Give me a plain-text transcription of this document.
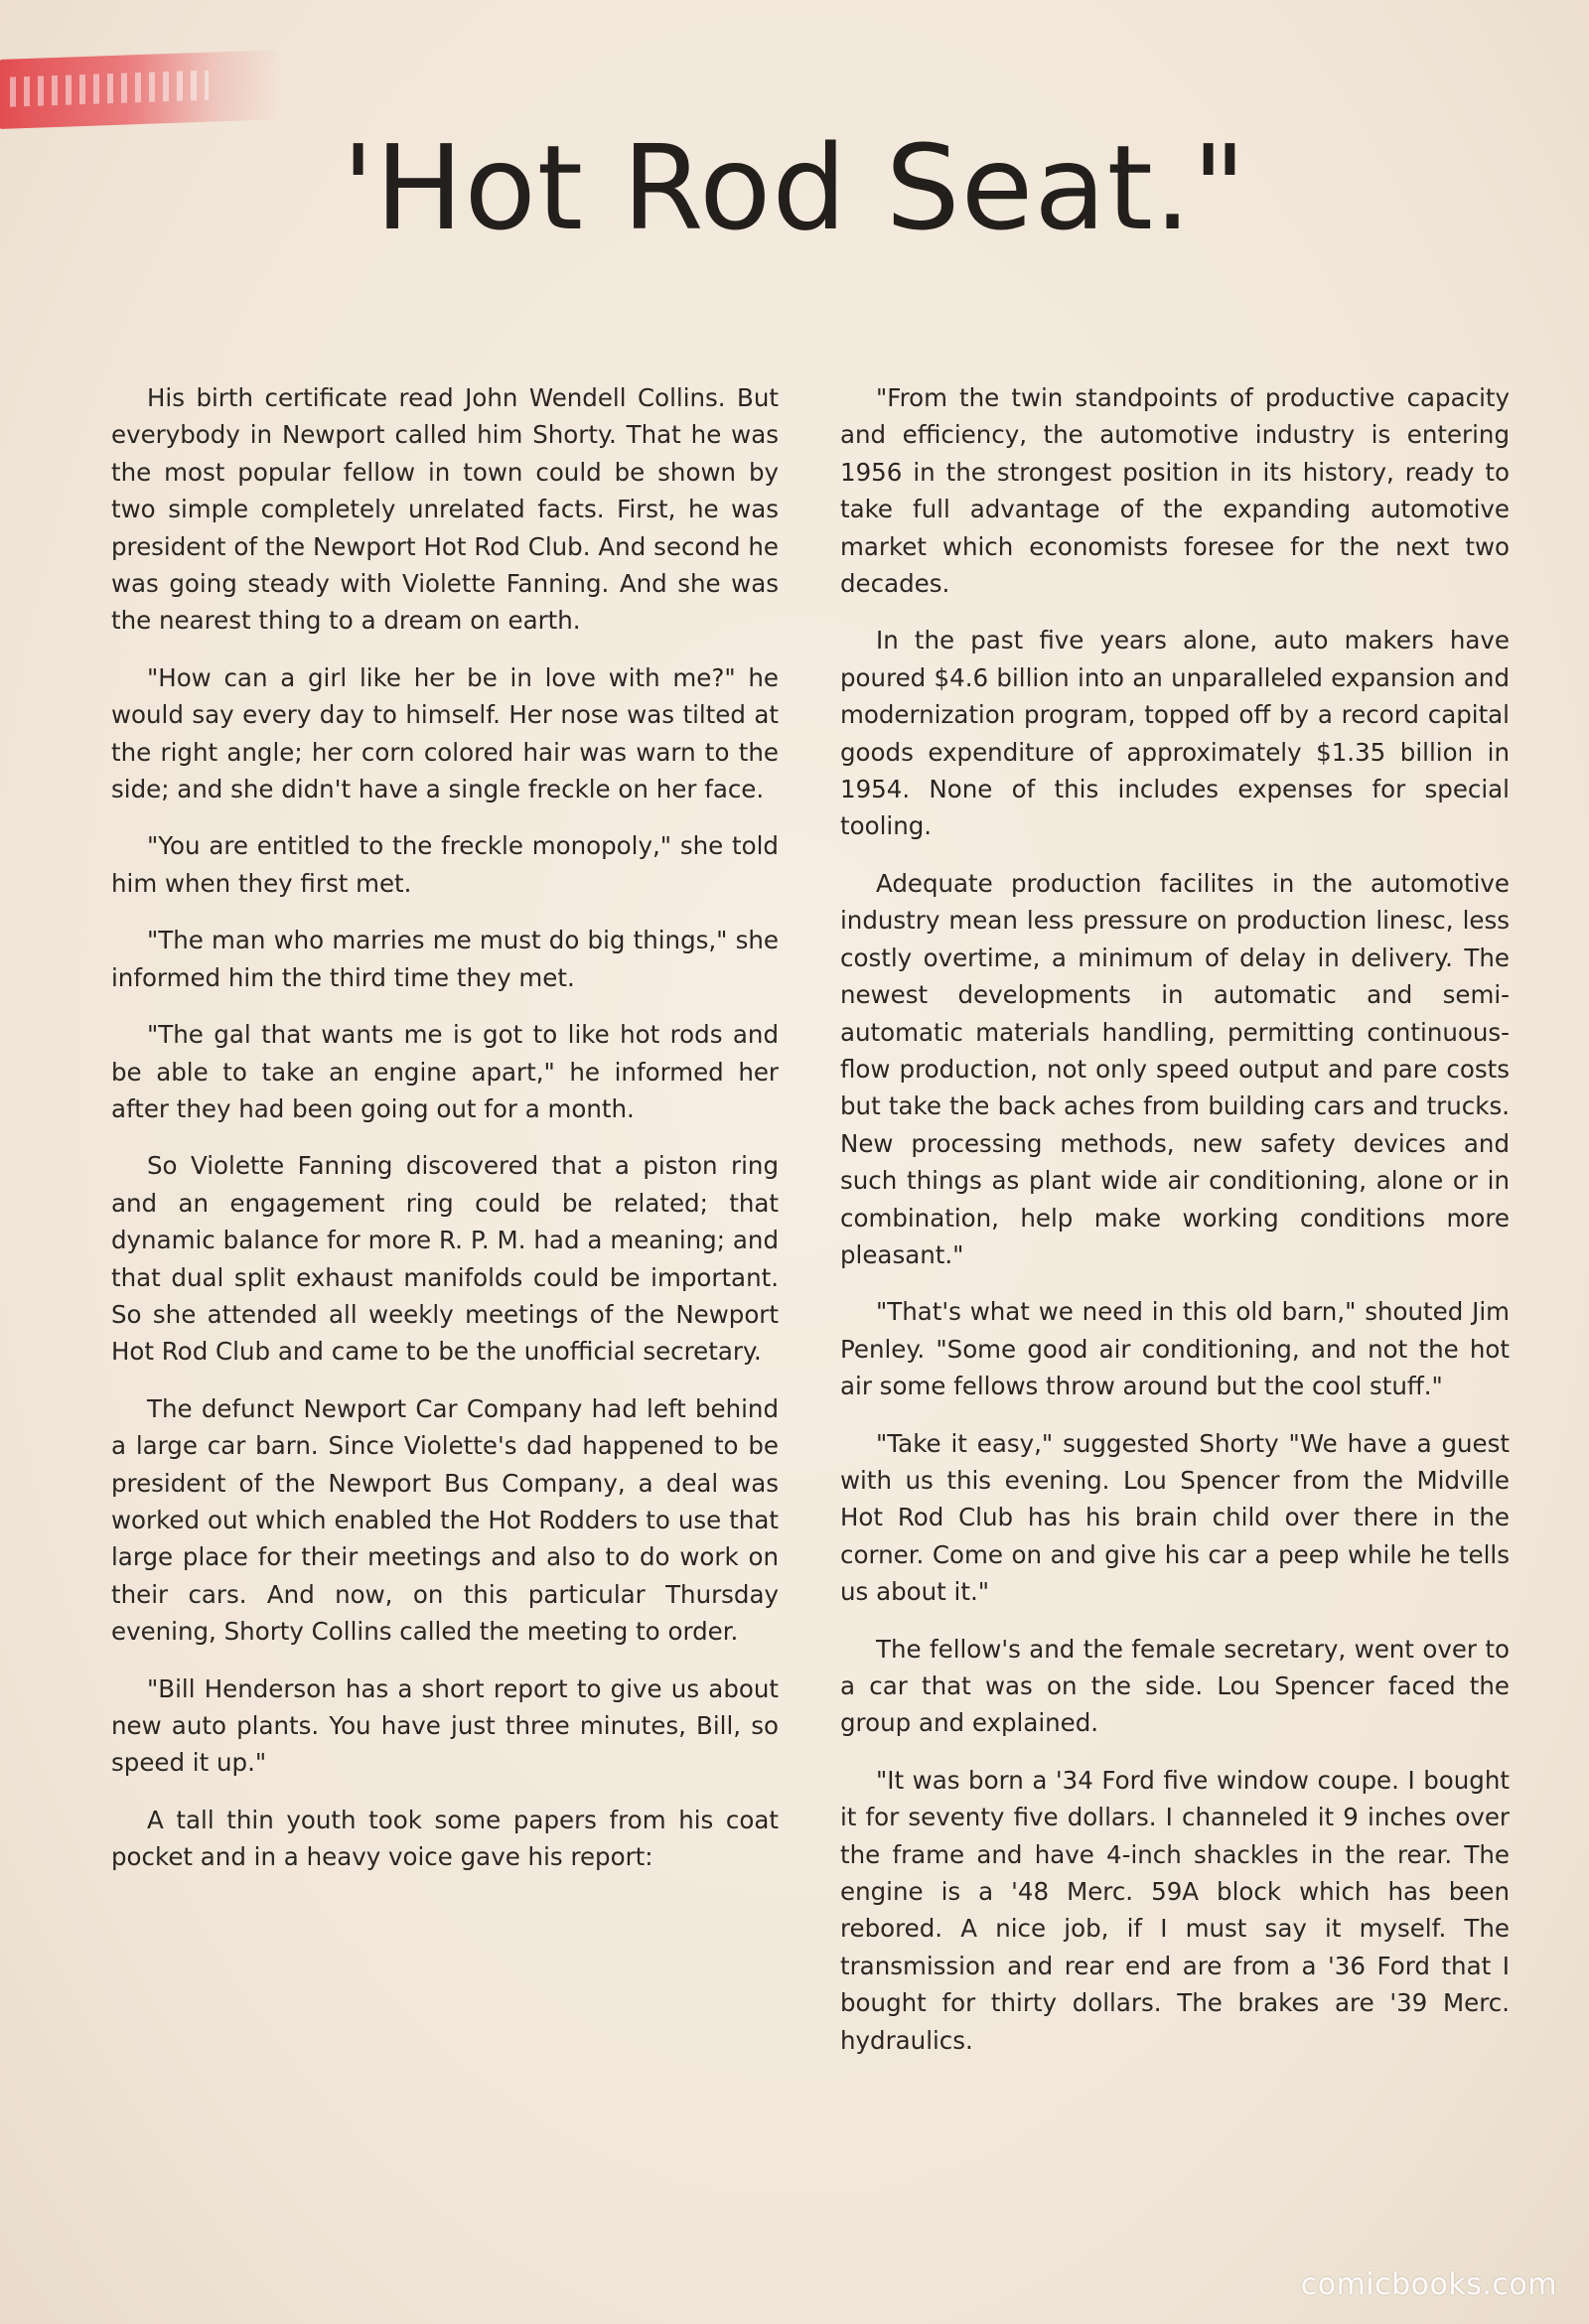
'Hot Rod Seat."

His birth certificate read John Wendell Collins. But everybody in Newport called him Shorty. That he was the most popular fellow in town could be shown by two simple completely unrelated facts. First, he was president of the Newport Hot Rod Club. And second he was going steady with Violette Fanning. And she was the nearest thing to a dream on earth.

"How can a girl like her be in love with me?" he would say every day to himself. Her nose was tilted at the right angle; her corn colored hair was warn to the side; and she didn't have a single freckle on her face.

"You are entitled to the freckle monopoly," she told him when they first met.

"The man who marries me must do big things," she informed him the third time they met.

"The gal that wants me is got to like hot rods and be able to take an engine apart," he informed her after they had been going out for a month.

So Violette Fanning discovered that a piston ring and an engagement ring could be related; that dynamic balance for more R. P. M. had a meaning; and that dual split exhaust manifolds could be important. So she attended all weekly meetings of the Newport Hot Rod Club and came to be the unofficial secretary.

The defunct Newport Car Company had left behind a large car barn. Since Violette's dad happened to be president of the Newport Bus Company, a deal was worked out which enabled the Hot Rodders to use that large place for their meetings and also to do work on their cars. And now, on this particular Thursday evening, Shorty Collins called the meeting to order.

"Bill Henderson has a short report to give us about new auto plants. You have just three minutes, Bill, so speed it up."

A tall thin youth took some papers from his coat pocket and in a heavy voice gave his report:

"From the twin standpoints of productive capacity and efficiency, the automotive industry is entering 1956 in the strongest position in its history, ready to take full advantage of the expanding automotive market which economists foresee for the next two decades.

In the past five years alone, auto makers have poured $4.6 billion into an unparalleled expansion and modernization program, topped off by a record capital goods expenditure of approximately $1.35 billion in 1954. None of this includes expenses for special tooling.

Adequate production facilites in the automotive industry mean less pressure on production linesc, less costly overtime, a minimum of delay in delivery. The newest developments in automatic and semi-automatic materials handling, permitting continuous-flow production, not only speed output and pare costs but take the back aches from building cars and trucks. New processing methods, new safety devices and such things as plant wide air conditioning, alone or in combination, help make working conditions more pleasant."

"That's what we need in this old barn," shouted Jim Penley. "Some good air conditioning, and not the hot air some fellows throw around but the cool stuff."

"Take it easy," suggested Shorty "We have a guest with us this evening. Lou Spencer from the Midville Hot Rod Club has his brain child over there in the corner. Come on and give his car a peep while he tells us about it."

The fellow's and the female secretary, went over to a car that was on the side. Lou Spencer faced the group and explained.

"It was born a '34 Ford five window coupe. I bought it for seventy five dollars. I channeled it 9 inches over the frame and have 4-inch shackles in the rear. The engine is a '48 Merc. 59A block which has been rebored. A nice job, if I must say it myself. The transmission and rear end are from a '36 Ford that I bought for thirty dollars. The brakes are '39 Merc. hydraulics.

comicbooks.com
